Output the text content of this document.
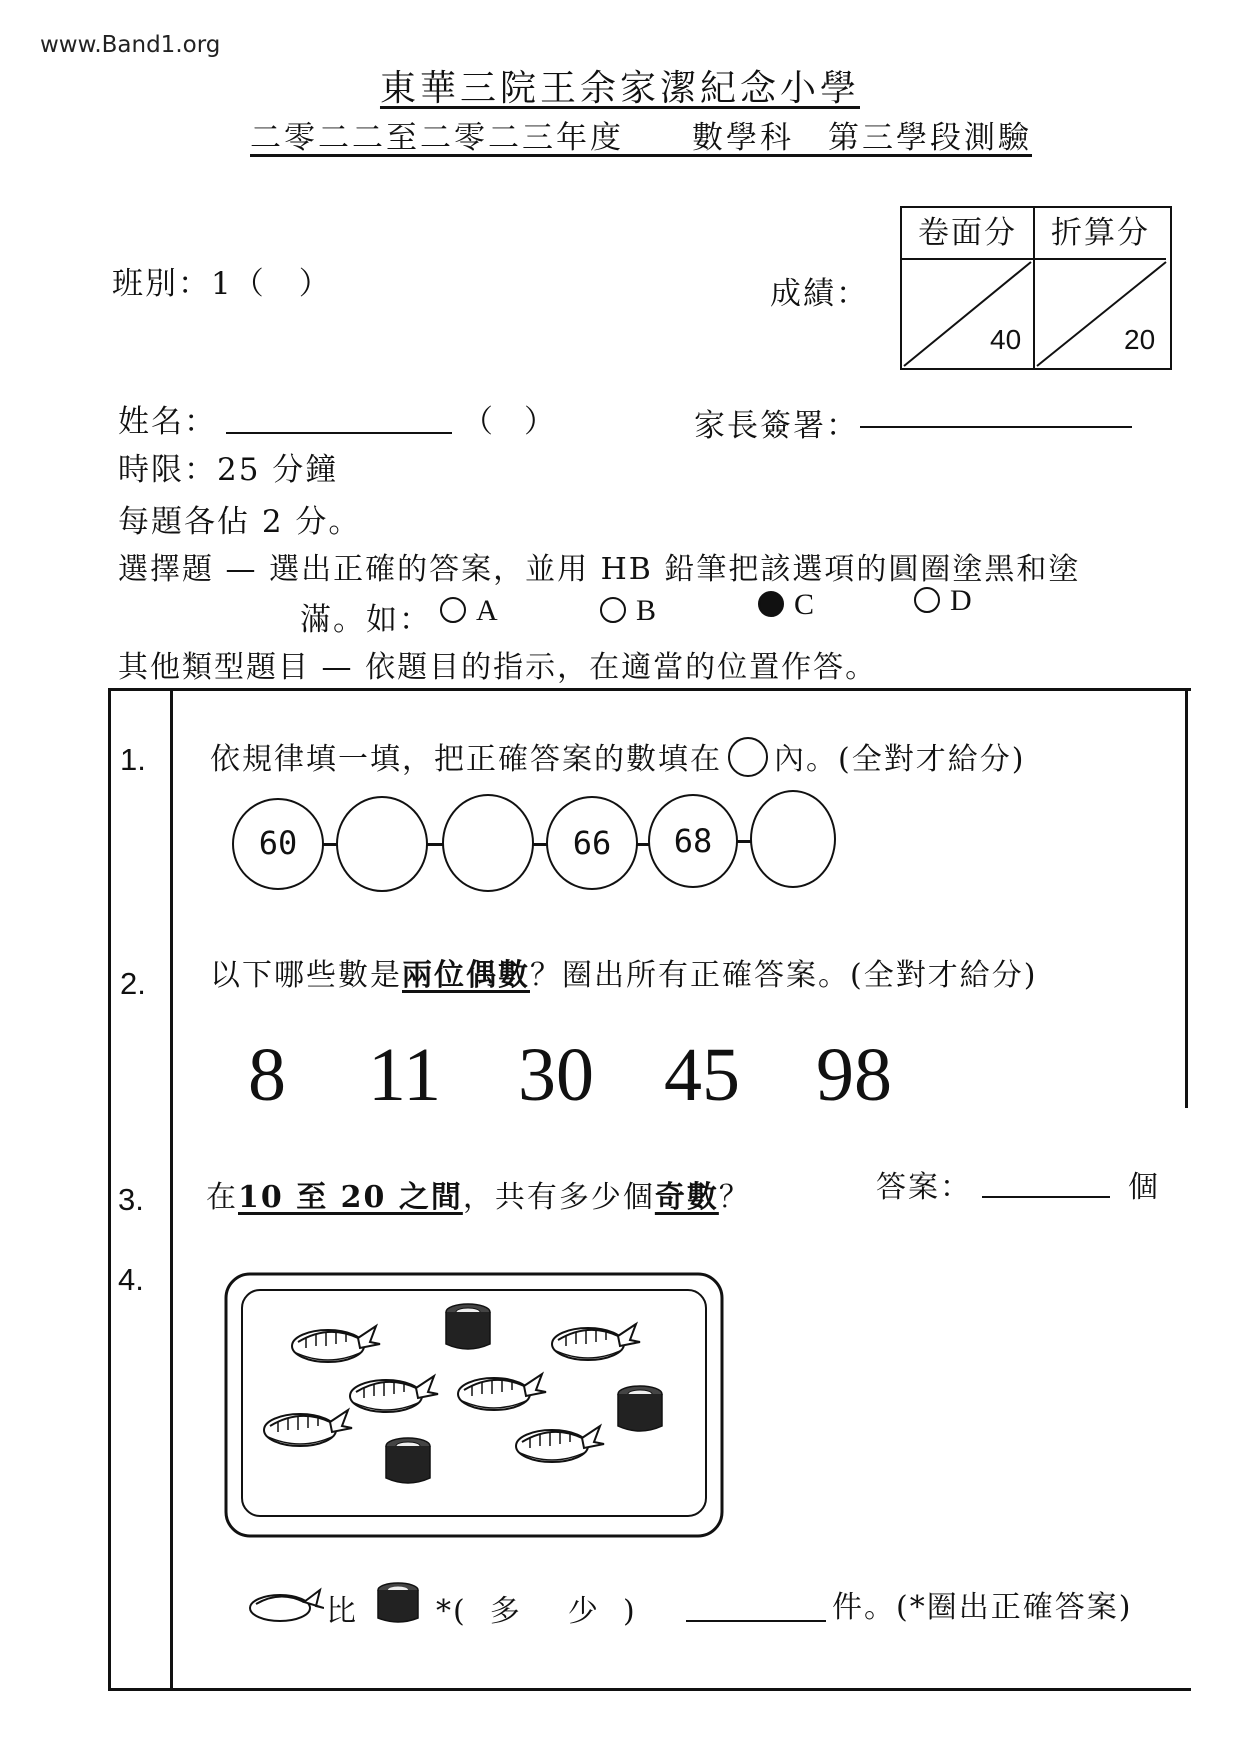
www.Band1.org
東華三院王余家潔紀念小學
二零二二至二零二三年度　　數學科　第三學段測驗
班別：1（　）	成績：
卷面分	折算分
40	20
姓名：	（　）	家長簽署：
時限：25 分鐘
每題各佔 2 分。
選擇題 — 選出正確的答案，並用 HB 鉛筆把該選項的圓圈塗黑和塗
滿。如：	A	B	C	D
其他類型題目 — 依題目的指示，在適當的位置作答。
1. 依規律填一填，把正確答案的數填在 內。(全對才給分)
60	66	68
2. 以下哪些數是兩位偶數？圈出所有正確答案。(全對才給分)
8 11 30 45 98
3. 在10 至 20 之間，共有多少個奇數？	答案：	個
4.
比	*(  多    少  )	件。(*圈出正確答案)
